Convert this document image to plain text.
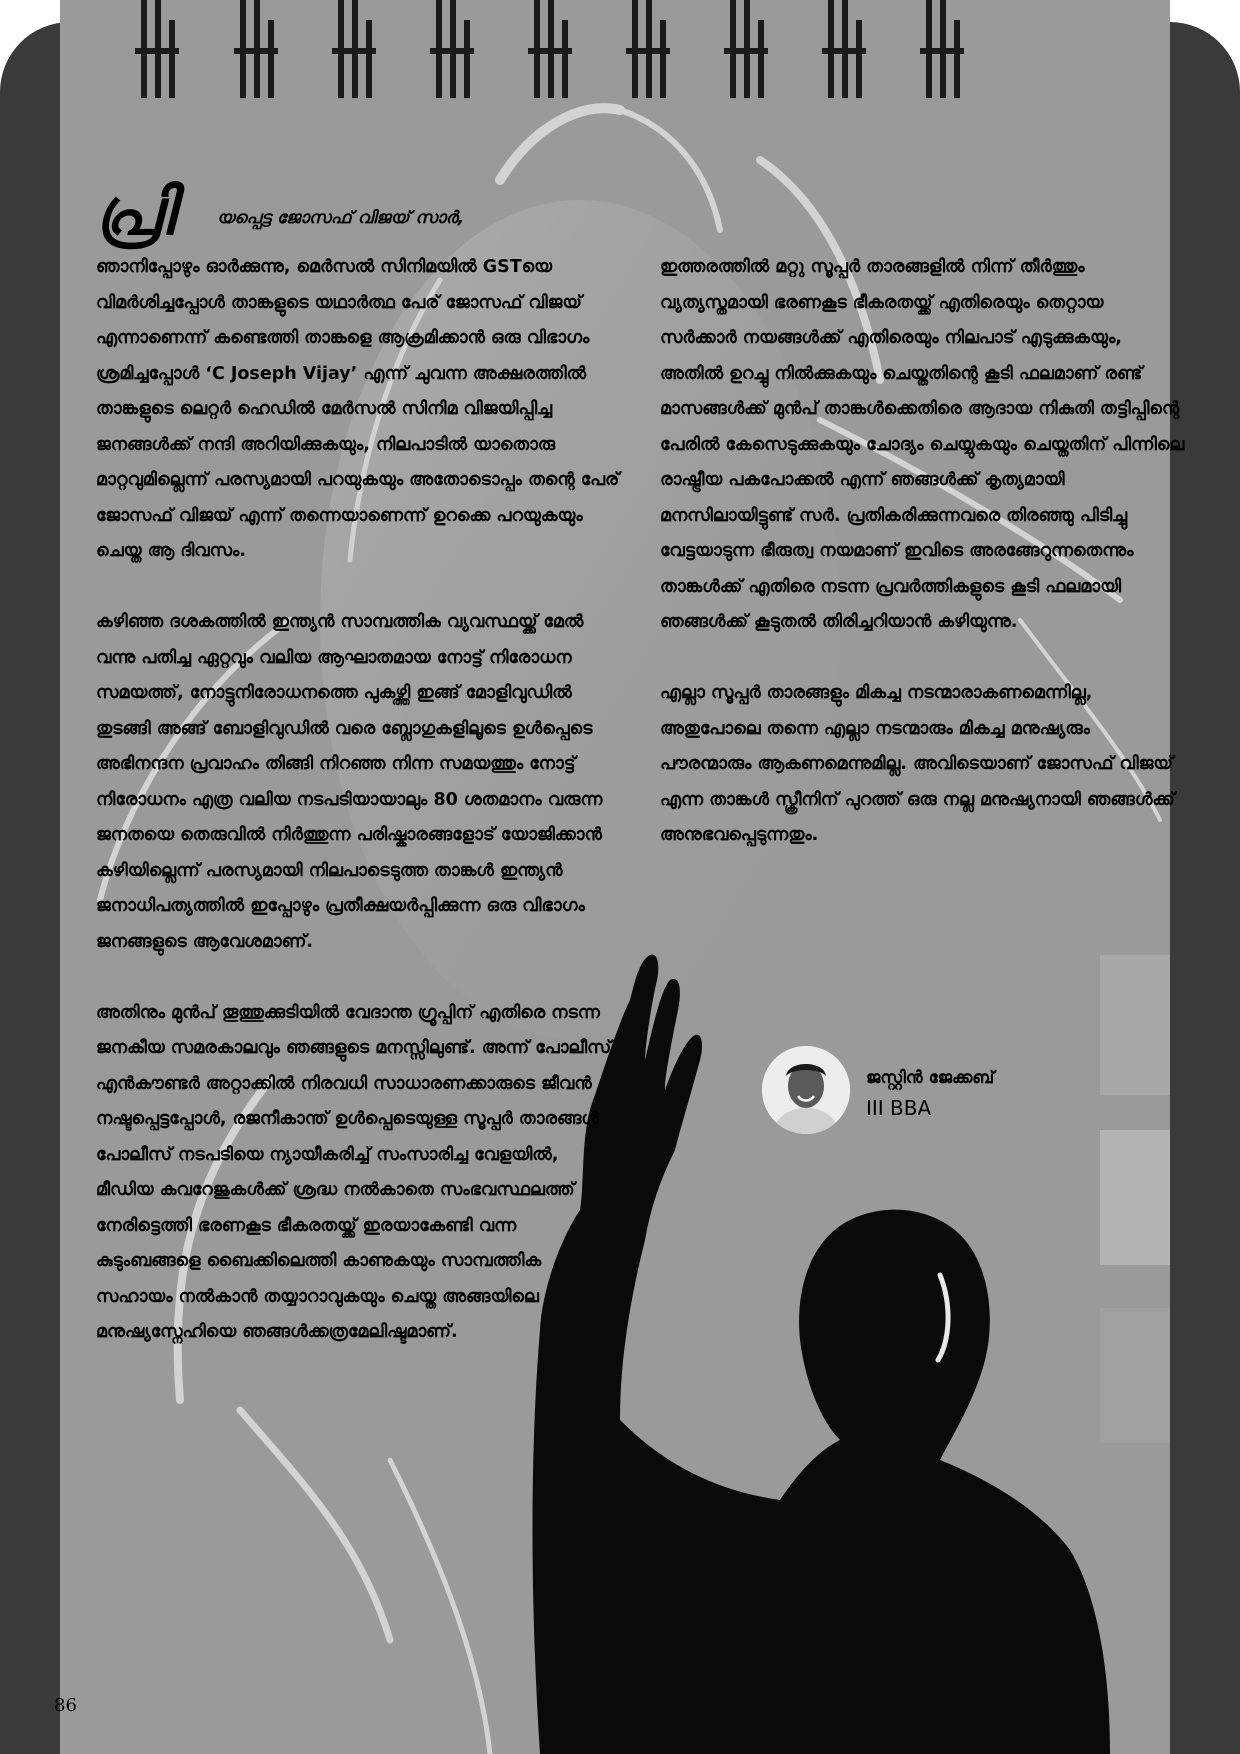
പ്രി	യപ്പെട്ട ജോസഫ് വിജയ് സാർ,

ഞാനിപ്പോഴും ഓർക്കുന്നു, മെർസൽ സിനിമയിൽ GSTയെ വിമർശിച്ചപ്പോൾ താങ്കളുടെ യഥാർത്ഥ പേര് ജോസഫ് വിജയ് എന്നാണെന്ന് കണ്ടെത്തി താങ്കളെ ആക്രമിക്കാൻ ഒരു വിഭാഗം ശ്രമിച്ചപ്പോൾ ‘C Joseph Vijay’ എന്ന് ചുവന്ന അക്ഷരത്തിൽ താങ്കളുടെ ലെറ്റർ ഹെഡിൽ മേർസൽ സിനിമ വിജയിപ്പിച്ച ജനങ്ങൾക്ക് നന്ദി അറിയിക്കുകയും, നിലപാടിൽ യാതൊരു മാറ്റവുമില്ലെന്ന് പരസ്യമായി പറയുകയും അതോടൊപ്പം തന്റെ പേര് ജോസഫ് വിജയ് എന്ന് തന്നെയാണെന്ന് ഉറക്കെ പറയുകയും ചെയ്ത ആ ദിവസം.

കഴിഞ്ഞ ദശകത്തിൽ ഇന്ത്യൻ സാമ്പത്തിക വ്യവസ്ഥയ്ക്ക് മേൽ വന്നു പതിച്ച ഏറ്റവും വലിയ ആഘാതമായ നോട്ട് നിരോധന സമയത്ത്, നോട്ടുനിരോധനത്തെ പുകഴ്ത്തി ഇങ്ങ് മോളിവുഡിൽ തുടങ്ങി അങ്ങ് ബോളിവുഡിൽ വരെ ബ്ലോഗുകളിലൂടെ ഉൾപ്പെടെ അഭിനന്ദന പ്രവാഹം തിങ്ങി നിറഞ്ഞ നിന്ന സമയത്തും നോട്ട് നിരോധനം എത്ര വലിയ നടപടിയായാലും 80 ശതമാനം വരുന്ന ജനതയെ തെരുവിൽ നിർത്തുന്ന പരിഷ്കാരങ്ങളോട് യോജിക്കാൻ കഴിയില്ലെന്ന് പരസ്യമായി നിലപാടെടുത്ത താങ്കൾ ഇന്ത്യൻ ജനാധിപത്യത്തിൽ ഇപ്പോഴും പ്രതീക്ഷയർപ്പിക്കുന്ന ഒരു വിഭാഗം ജനങ്ങളുടെ ആവേശമാണ്.

അതിനും മുൻപ് തൂത്തുക്കുടിയിൽ വേദാന്ത ഗ്രൂപ്പിന് എതിരെ നടന്ന ജനകീയ സമരകാലവും ഞങ്ങളുടെ മനസ്സിലുണ്ട്. അന്ന് പോലീസ് എൻകൗണ്ടർ അറ്റാക്കിൽ നിരവധി സാധാരണക്കാരുടെ ജീവൻ നഷ്ടപ്പെട്ടപ്പോൾ, രജനീകാന്ത് ഉൾപ്പെടെയുള്ള സൂപ്പർ താരങ്ങൾ പോലീസ് നടപടിയെ ന്യായീകരിച്ച് സംസാരിച്ച വേളയിൽ, മീഡിയ കവറേജുകൾക്ക് ശ്രദ്ധ നൽകാതെ സംഭവസ്ഥലത്ത് നേരിട്ടെത്തി ഭരണകൂട ഭീകരതയ്ക്ക് ഇരയാകേണ്ടി വന്ന കുടുംബങ്ങളെ ബൈക്കിലെത്തി കാണുകയും സാമ്പത്തിക സഹായം നൽകാൻ തയ്യാറാവുകയും ചെയ്ത അങ്ങയിലെ മനുഷ്യസ്നേഹിയെ ഞങ്ങൾക്കത്രമേലിഷ്ടമാണ്.

ഇത്തരത്തിൽ മറ്റു സൂപ്പർ താരങ്ങളിൽ നിന്ന് തീർത്തും വ്യത്യസ്തമായി ഭരണകൂട ഭീകരതയ്ക്ക് എതിരെയും തെറ്റായ സർക്കാർ നയങ്ങൾക്ക് എതിരെയും നിലപാട് എടുക്കുകയും, അതിൽ ഉറച്ചു നിൽക്കുകയും ചെയ്തതിന്റെ കൂടി ഫലമാണ് രണ്ട് മാസങ്ങൾക്ക് മുൻപ് താങ്കൾക്കെതിരെ ആദായ നികുതി തട്ടിപ്പിന്റെ പേരിൽ കേസെടുക്കുകയും ചോദ്യം ചെയ്യുകയും ചെയ്തതിന് പിന്നിലെ രാഷ്ട്രീയ പകപോക്കൽ എന്ന് ഞങ്ങൾക്ക് കൃത്യമായി മനസിലായിട്ടുണ്ട് സർ. പ്രതികരിക്കുന്നവരെ തിരഞ്ഞു പിടിച്ചു വേട്ടയാടുന്ന ഭീരുത്വ നയമാണ് ഇവിടെ അരങ്ങേറുന്നതെന്നും താങ്കൾക്ക് എതിരെ നടന്ന പ്രവർത്തികളുടെ കൂടി ഫലമായി ഞങ്ങൾക്ക് കൂടുതൽ തിരിച്ചറിയാൻ കഴിയുന്നു.

എല്ലാ സൂപ്പർ താരങ്ങളും മികച്ച നടന്മാരാകണമെന്നില്ല, അതുപോലെ തന്നെ എല്ലാ നടന്മാരും മികച്ച മനുഷ്യരും പൗരന്മാരും ആകണമെന്നുമില്ല. അവിടെയാണ് ജോസഫ് വിജയ് എന്ന താങ്കൾ സ്ക്രീനിന് പുറത്ത് ഒരു നല്ല മനുഷ്യനായി ഞങ്ങൾക്ക് അനുഭവപ്പെടുന്നതും.

ജസ്റ്റിൻ ജേക്കബ്
III BBA
86
